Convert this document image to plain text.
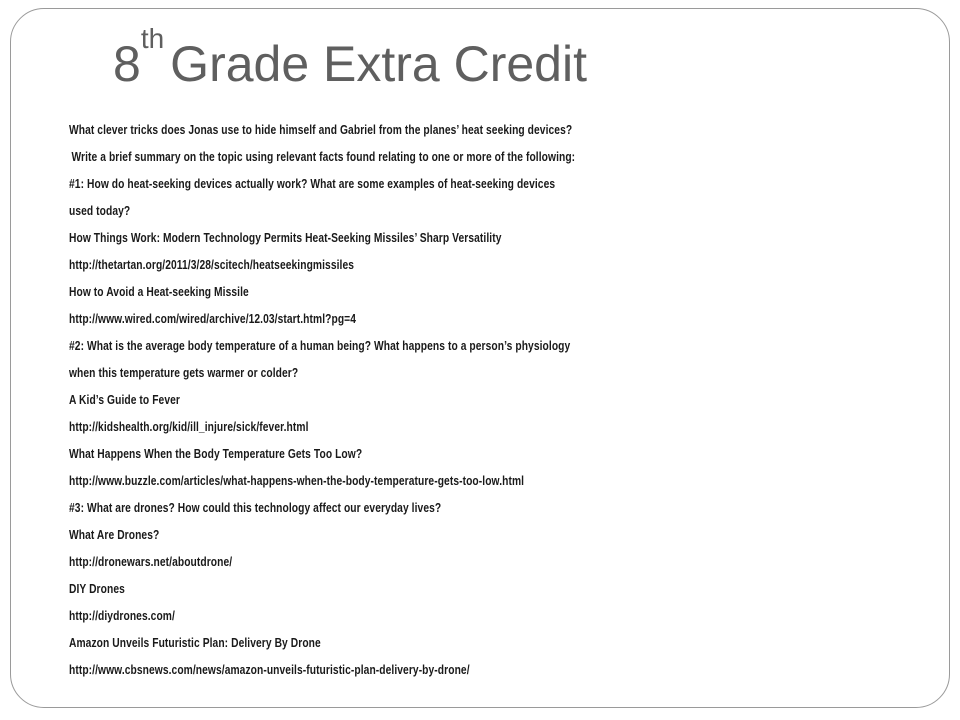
8th Grade Extra Credit
What clever tricks does Jonas use to hide himself and Gabriel from the planes’ heat seeking devices?
Write a brief summary on the topic using relevant facts found relating to one or more of the following:
#1: How do heat-seeking devices actually work? What are some examples of heat-seeking devices
used today?
How Things Work: Modern Technology Permits Heat-Seeking Missiles’ Sharp Versatility
http://thetartan.org/2011/3/28/scitech/heatseekingmissiles
How to Avoid a Heat-seeking Missile
http://www.wired.com/wired/archive/12.03/start.html?pg=4
#2: What is the average body temperature of a human being? What happens to a person’s physiology
when this temperature gets warmer or colder?
A Kid’s Guide to Fever
http://kidshealth.org/kid/ill_injure/sick/fever.html
What Happens When the Body Temperature Gets Too Low?
http://www.buzzle.com/articles/what-happens-when-the-body-temperature-gets-too-low.html
#3: What are drones? How could this technology affect our everyday lives?
What Are Drones?
http://dronewars.net/aboutdrone/
DIY Drones
http://diydrones.com/
Amazon Unveils Futuristic Plan: Delivery By Drone
http://www.cbsnews.com/news/amazon-unveils-futuristic-plan-delivery-by-drone/
